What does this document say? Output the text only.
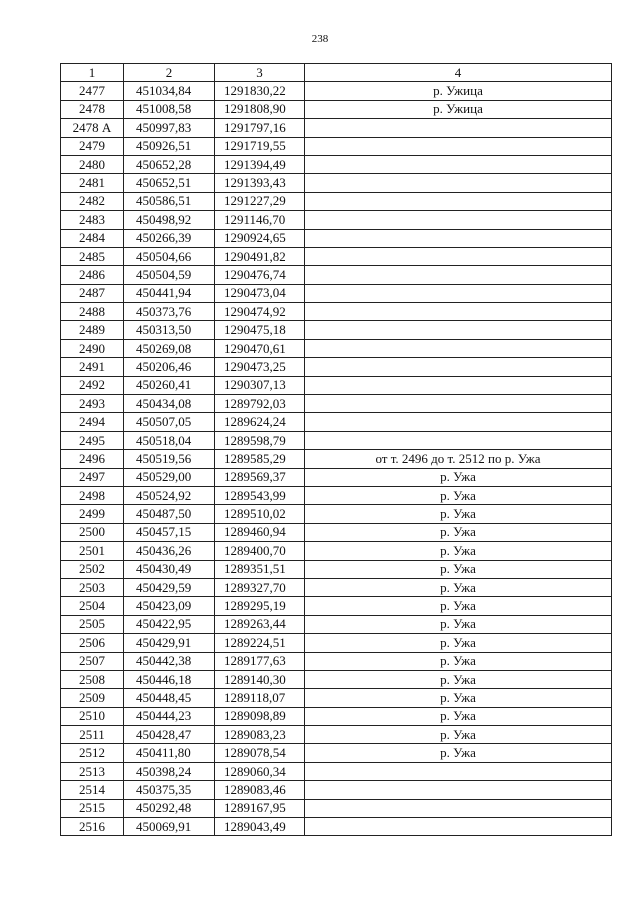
238
1	2	3	4
2477	451034,84	1291830,22	р. Ужица
2478	451008,58	1291808,90	р. Ужица
2478 А	450997,83	1291797,16	
2479	450926,51	1291719,55	
2480	450652,28	1291394,49	
2481	450652,51	1291393,43	
2482	450586,51	1291227,29	
2483	450498,92	1291146,70	
2484	450266,39	1290924,65	
2485	450504,66	1290491,82	
2486	450504,59	1290476,74	
2487	450441,94	1290473,04	
2488	450373,76	1290474,92	
2489	450313,50	1290475,18	
2490	450269,08	1290470,61	
2491	450206,46	1290473,25	
2492	450260,41	1290307,13	
2493	450434,08	1289792,03	
2494	450507,05	1289624,24	
2495	450518,04	1289598,79	
2496	450519,56	1289585,29	от т. 2496 до т. 2512 по р. Ужа
2497	450529,00	1289569,37	р. Ужа
2498	450524,92	1289543,99	р. Ужа
2499	450487,50	1289510,02	р. Ужа
2500	450457,15	1289460,94	р. Ужа
2501	450436,26	1289400,70	р. Ужа
2502	450430,49	1289351,51	р. Ужа
2503	450429,59	1289327,70	р. Ужа
2504	450423,09	1289295,19	р. Ужа
2505	450422,95	1289263,44	р. Ужа
2506	450429,91	1289224,51	р. Ужа
2507	450442,38	1289177,63	р. Ужа
2508	450446,18	1289140,30	р. Ужа
2509	450448,45	1289118,07	р. Ужа
2510	450444,23	1289098,89	р. Ужа
2511	450428,47	1289083,23	р. Ужа
2512	450411,80	1289078,54	р. Ужа
2513	450398,24	1289060,34	
2514	450375,35	1289083,46	
2515	450292,48	1289167,95	
2516	450069,91	1289043,49	
